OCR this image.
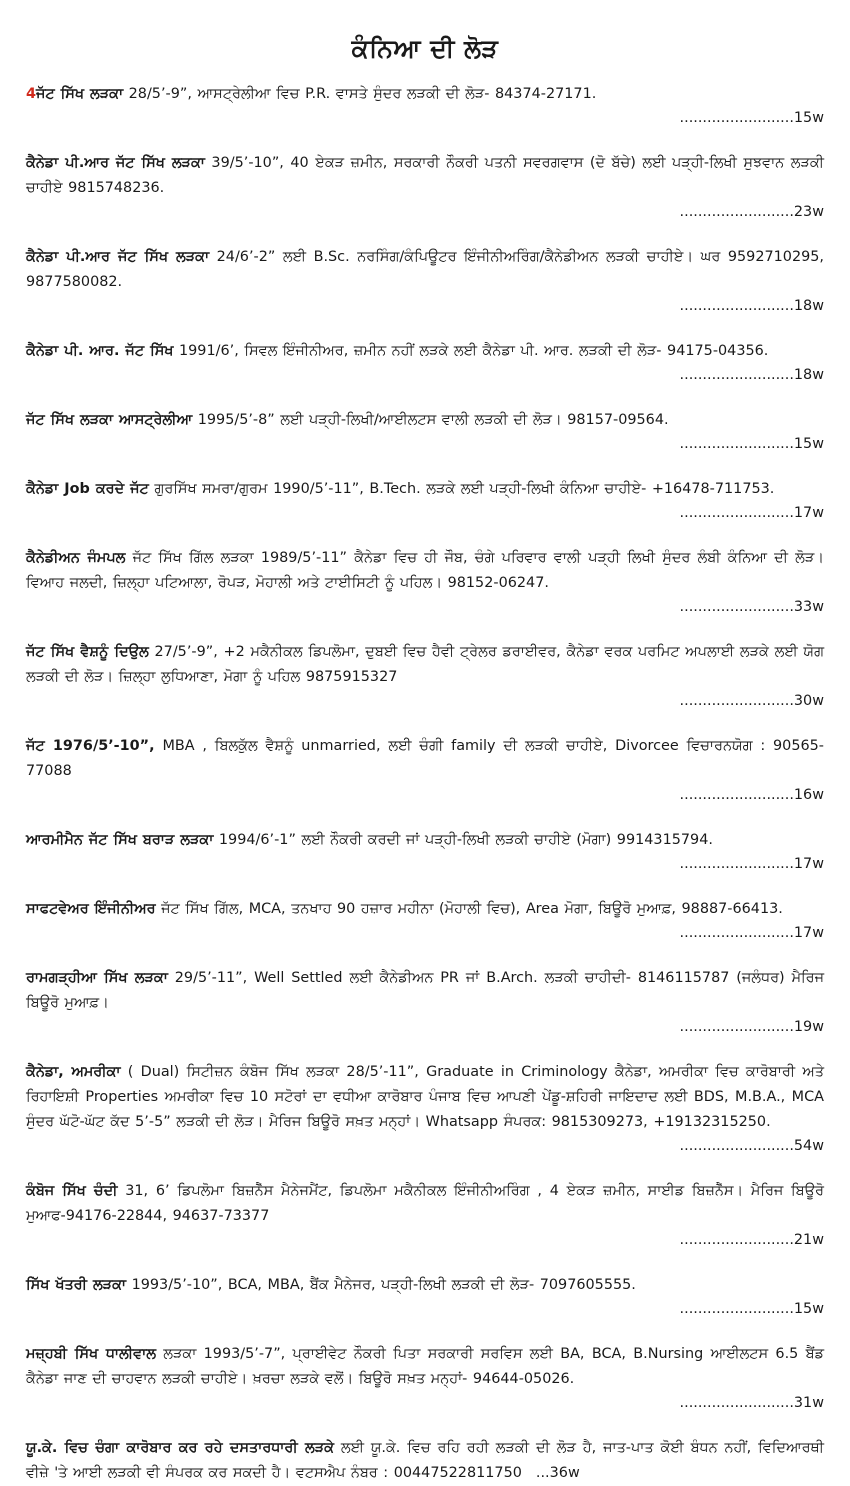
ਕੰਨਿਆ ਦੀ ਲੋੜ

4ਜੱਟ ਸਿੱਖ ਲੜਕਾ 28/5’-9”, ਆਸਟ੍ਰੇਲੀਆ ਵਿਚ P.R. ਵਾਸਤੇ ਸੁੰਦਰ ਲੜਕੀ ਦੀ ਲੋੜ- 84374-27171.

.........................15w

ਕੈਨੇਡਾ ਪੀ.ਆਰ ਜੱਟ ਸਿੱਖ ਲੜਕਾ 39/5’-10”, 40 ਏਕੜ ਜ਼ਮੀਨ, ਸਰਕਾਰੀ ਨੌਕਰੀ ਪਤਨੀ ਸਵਰਗਵਾਸ (ਦੋ ਬੱਚੇ) ਲਈ ਪੜ੍ਹੀ-ਲਿਖੀ ਸੁਝਵਾਨ ਲੜਕੀ ਚਾਹੀਏ 9815748236.

.........................23w

ਕੈਨੇਡਾ ਪੀ.ਆਰ ਜੱਟ ਸਿੱਖ ਲੜਕਾ 24/6’-2” ਲਈ B.Sc. ਨਰਸਿੰਗ/ਕੰਪਿਊਟਰ ਇੰਜੀਨੀਅਰਿੰਗ/ਕੈਨੇਡੀਅਨ ਲੜਕੀ ਚਾਹੀਏ। ਘਰ 9592710295, 9877580082.

.........................18w

ਕੈਨੇਡਾ ਪੀ. ਆਰ. ਜੱਟ ਸਿੱਖ 1991/6’, ਸਿਵਲ ਇੰਜੀਨੀਅਰ, ਜ਼ਮੀਨ ਨਹੀਂ ਲੜਕੇ ਲਈ ਕੈਨੇਡਾ ਪੀ. ਆਰ. ਲੜਕੀ ਦੀ ਲੋੜ- 94175-04356.

.........................18w

ਜੱਟ ਸਿੱਖ ਲੜਕਾ ਆਸਟ੍ਰੇਲੀਆ 1995/5’-8” ਲਈ ਪੜ੍ਹੀ-ਲਿਖੀ/ਆਈਲਟਸ ਵਾਲੀ ਲੜਕੀ ਦੀ ਲੋੜ। 98157-09564.

.........................15w

ਕੈਨੇਡਾ Job ਕਰਦੇ ਜੱਟ ਗੁਰਸਿੱਖ ਸਮਰਾ/ਗੁਰਮ 1990/5’-11”, B.Tech. ਲੜਕੇ ਲਈ ਪੜ੍ਹੀ-ਲਿਖੀ ਕੰਨਿਆ ਚਾਹੀਏ- +16478-711753.

.........................17w

ਕੈਨੇਡੀਅਨ ਜੰਮਪਲ ਜੱਟ ਸਿੱਖ ਗਿੱਲ ਲੜਕਾ 1989/5’-11” ਕੈਨੇਡਾ ਵਿਚ ਹੀ ਜੌਬ, ਚੰਗੇ ਪਰਿਵਾਰ ਵਾਲੀ ਪੜ੍ਹੀ ਲਿਖੀ ਸੁੰਦਰ ਲੰਬੀ ਕੰਨਿਆ ਦੀ ਲੋੜ। ਵਿਆਹ ਜਲਦੀ, ਜ਼ਿਲ੍ਹਾ ਪਟਿਆਲਾ, ਰੋਪੜ, ਮੋਹਾਲੀ ਅਤੇ ਟਾਈਸਿਟੀ ਨੂੰ ਪਹਿਲ। 98152-06247.

.........................33w

ਜੱਟ ਸਿੱਖ ਵੈਸ਼ਨੂੰ ਦਿਉਲ 27/5’-9”, +2 ਮਕੈਨੀਕਲ ਡਿਪਲੋਮਾ, ਦੁਬਈ ਵਿਚ ਹੈਵੀ ਟ੍ਰੇਲਰ ਡਰਾਈਵਰ, ਕੈਨੇਡਾ ਵਰਕ ਪਰਮਿਟ ਅਪਲਾਈ ਲੜਕੇ ਲਈ ਯੋਗ ਲੜਕੀ ਦੀ ਲੋੜ। ਜ਼ਿਲ੍ਹਾ ਲੁਧਿਆਣਾ, ਮੋਗਾ ਨੂੰ ਪਹਿਲ 9875915327

.........................30w

ਜੱਟ 1976/5’-10”, MBA , ਬਿਲਕੁੱਲ ਵੈਸ਼ਨੂੰ unmarried, ਲਈ ਚੰਗੀ family ਦੀ ਲੜਕੀ ਚਾਹੀਏ, Divorcee ਵਿਚਾਰਨਯੋਗ : 90565-77088

.........................16w

ਆਰਮੀਮੈਨ ਜੱਟ ਸਿੱਖ ਬਰਾੜ ਲੜਕਾ 1994/6’-1” ਲਈ ਨੌਕਰੀ ਕਰਦੀ ਜਾਂ ਪੜ੍ਹੀ-ਲਿਖੀ ਲੜਕੀ ਚਾਹੀਏ (ਮੋਗਾ) 9914315794.

.........................17w

ਸਾਫਟਵੇਅਰ ਇੰਜੀਨੀਅਰ ਜੱਟ ਸਿੱਖ ਗਿੱਲ, MCA, ਤਨਖਾਹ 90 ਹਜ਼ਾਰ ਮਹੀਨਾ (ਮੋਹਾਲੀ ਵਿਚ), Area ਮੋਗਾ, ਬਿਊਰੋ ਮੁਆਫ਼, 98887-66413.

.........................17w

ਰਾਮਗੜ੍ਹੀਆ ਸਿੱਖ ਲੜਕਾ 29/5’-11”, Well Settled ਲਈ ਕੈਨੇਡੀਅਨ PR ਜਾਂ B.Arch. ਲੜਕੀ ਚਾਹੀਦੀ- 8146115787 (ਜਲੰਧਰ) ਮੈਰਿਜ ਬਿਊਰੋ ਮੁਆਫ਼।

.........................19w

ਕੈਨੇਡਾ, ਅਮਰੀਕਾ ( Dual) ਸਿਟੀਜ਼ਨ ਕੰਬੋਜ ਸਿੱਖ ਲੜਕਾ 28/5’-11”, Graduate in Criminology ਕੈਨੇਡਾ, ਅਮਰੀਕਾ ਵਿਚ ਕਾਰੋਬਾਰੀ ਅਤੇ ਰਿਹਾਇਸ਼ੀ Properties ਅਮਰੀਕਾ ਵਿਚ 10 ਸਟੋਰਾਂ ਦਾ ਵਧੀਆ ਕਾਰੋਬਾਰ ਪੰਜਾਬ ਵਿਚ ਆਪਣੀ ਪੇਂਡੂ-ਸ਼ਹਿਰੀ ਜਾਇਦਾਦ ਲਈ BDS, M.B.A., MCA ਸੁੰਦਰ ਘੱਟੋ-ਘੱਟ ਕੱਦ 5’-5” ਲੜਕੀ ਦੀ ਲੋੜ। ਮੈਰਿਜ ਬਿਊਰੋ ਸਖ਼ਤ ਮਨ੍ਹਾਂ। Whatsapp ਸੰਪਰਕ: 9815309273, +19132315250.

.........................54w

ਕੰਬੋਜ ਸਿੱਖ ਚੰਦੀ 31, 6’ ਡਿਪਲੋਮਾ ਬਿਜ਼ਨੈੱਸ ਮੈਨੇਜਮੈਂਟ, ਡਿਪਲੋਮਾ ਮਕੈਨੀਕਲ ਇੰਜੀਨੀਅਰਿੰਗ , 4 ਏਕੜ ਜ਼ਮੀਨ, ਸਾਈਡ ਬਿਜ਼ਨੈੱਸ। ਮੈਰਿਜ ਬਿਊਰੋ ਮੁਆਫ-94176-22844, 94637-73377

.........................21w

ਸਿੱਖ ਖੱਤਰੀ ਲੜਕਾ 1993/5’-10”, BCA, MBA, ਬੈਂਕ ਮੈਨੇਜਰ, ਪੜ੍ਹੀ-ਲਿਖੀ ਲੜਕੀ ਦੀ ਲੋੜ- 7097605555.

.........................15w

ਮਜ਼੍ਹਬੀ ਸਿੱਖ ਧਾਲੀਵਾਲ ਲੜਕਾ 1993/5’-7”, ਪ੍ਰਾਈਵੇਟ ਨੌਕਰੀ ਪਿਤਾ ਸਰਕਾਰੀ ਸਰਵਿਸ ਲਈ BA, BCA, B.Nursing ਆਈਲਟਸ 6.5 ਬੈਂਡ ਕੈਨੇਡਾ ਜਾਣ ਦੀ ਚਾਹਵਾਨ ਲੜਕੀ ਚਾਹੀਏ। ਖ਼ਰਚਾ ਲੜਕੇ ਵਲੋਂ। ਬਿਊਰੋ ਸਖ਼ਤ ਮਨ੍ਹਾਂ- 94644-05026.

.........................31w

ਯੂ.ਕੇ. ਵਿਚ ਚੰਗਾ ਕਾਰੋਬਾਰ ਕਰ ਰਹੇ ਦਸਤਾਰਧਾਰੀ ਲੜਕੇ ਲਈ ਯੂ.ਕੇ. ਵਿਚ ਰਹਿ ਰਹੀ ਲੜਕੀ ਦੀ ਲੋੜ ਹੈ, ਜਾਤ-ਪਾਤ ਕੋਈ ਬੰਧਨ ਨਹੀਂ, ਵਿਦਿਆਰਥੀ ਵੀਜ਼ੇ 'ਤੇ ਆਈ ਲੜਕੀ ਵੀ ਸੰਪਰਕ ਕਰ ਸਕਦੀ ਹੈ। ਵਟਸਐਪ ਨੰਬਰ : 00447522811750 ...36w
